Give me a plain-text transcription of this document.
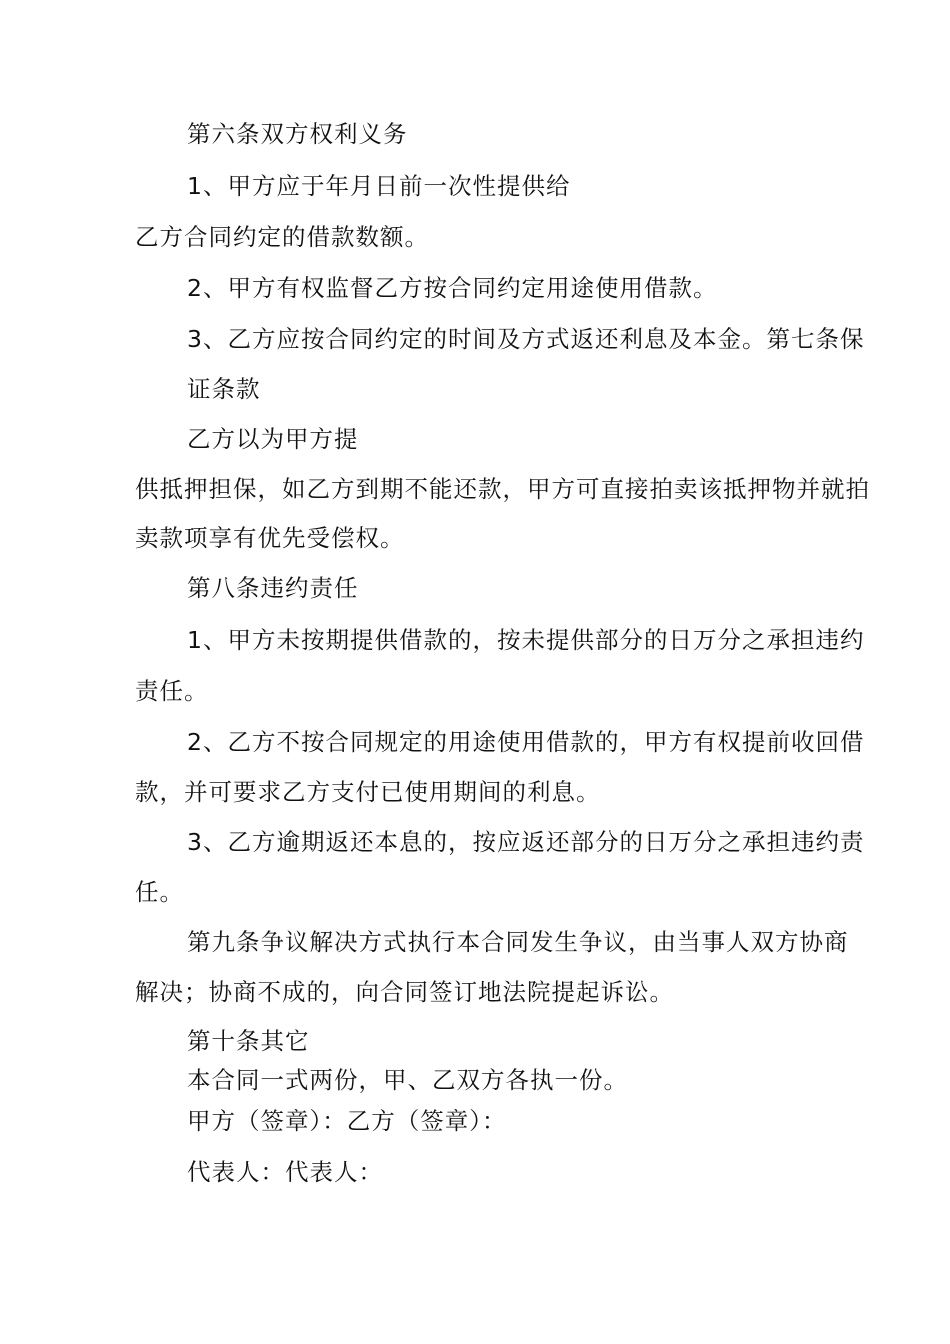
第六条双方权利义务
1、甲方应于年月日前一次性提供给
乙方合同约定的借款数额。
2、甲方有权监督乙方按合同约定用途使用借款。
3、乙方应按合同约定的时间及方式返还利息及本金。第七条保
证条款
乙方以为甲方提
供抵押担保，如乙方到期不能还款，甲方可直接拍卖该抵押物并就拍
卖款项享有优先受偿权。
第八条违约责任
1、甲方未按期提供借款的，按未提供部分的日万分之承担违约
责任。
2、乙方不按合同规定的用途使用借款的，甲方有权提前收回借
款，并可要求乙方支付已使用期间的利息。
3、乙方逾期返还本息的，按应返还部分的日万分之承担违约责
任。
第九条争议解决方式执行本合同发生争议，由当事人双方协商
解决；协商不成的，向合同签订地法院提起诉讼。
第十条其它
本合同一式两份，甲、乙双方各执一份。
甲方（签章）：乙方（签章）：
代表人：代表人：
